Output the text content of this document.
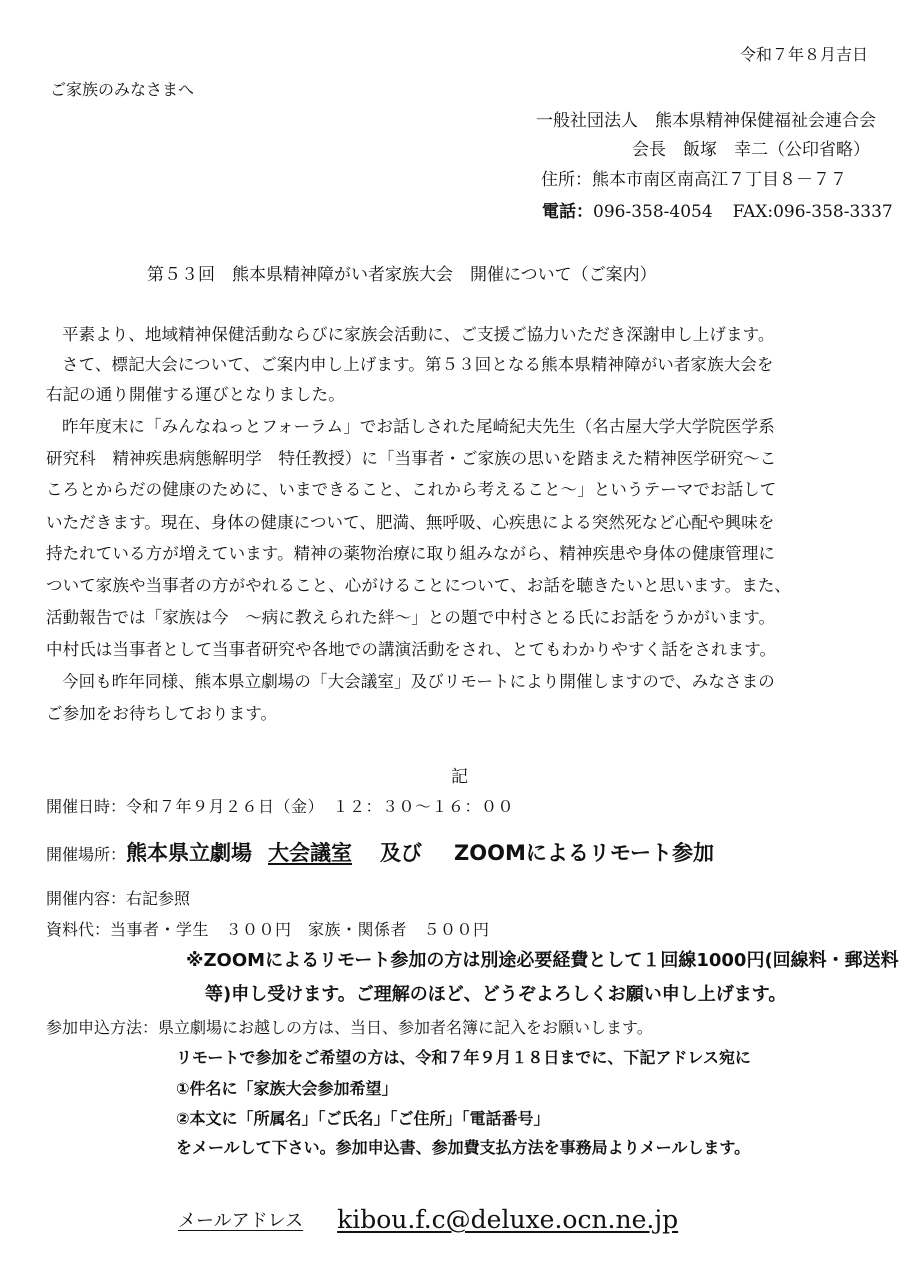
令和７年８月吉日
ご家族のみなさまへ
一般社団法人　熊本県精神保健福祉会連合会
会長　飯塚　幸二（公印省略）
住所：熊本市南区南高江７丁目８－７７
電話：096-358-4054 FAX:096-358-3337
第５３回　熊本県精神障がい者家族大会　開催について（ご案内）
平素より、地域精神保健活動ならびに家族会活動に、ご支援ご協力いただき深謝申し上げます。
さて、標記大会について、ご案内申し上げます。第５３回となる熊本県精神障がい者家族大会を
右記の通り開催する運びとなりました。
昨年度末に「みんなねっとフォーラム」でお話しされた尾崎紀夫先生（名古屋大学大学院医学系
研究科　精神疾患病態解明学　特任教授）に「当事者・ご家族の思いを踏まえた精神医学研究～こ
ころとからだの健康のために、いまできること、これから考えること～」というテーマでお話して
いただきます。現在、身体の健康について、肥満、無呼吸、心疾患による突然死など心配や興味を
持たれている方が増えています。精神の薬物治療に取り組みながら、精神疾患や身体の健康管理に
ついて家族や当事者の方がやれること、心がけることについて、お話を聴きたいと思います。また、
活動報告では「家族は今　～病に教えられた絆～」との題で中村さとる氏にお話をうかがいます。
中村氏は当事者として当事者研究や各地での講演活動をされ、とてもわかりやすく話をされます。
今回も昨年同様、熊本県立劇場の「大会議室」及びリモートにより開催しますので、みなさまの
ご参加をお待ちしております。
記
開催日時：令和７年９月２６日（金）　１２：３０～１６：００
開催場所：熊本県立劇場 大会議室 及び ZOOMによるリモート参加
開催内容：右記参照
資料代：当事者・学生　３００円　家族・関係者　５００円
※ZOOMによるリモート参加の方は別途必要経費として１回線1000円(回線料・郵送料
等)申し受けます。ご理解のほど、どうぞよろしくお願い申し上げます。
参加申込方法：県立劇場にお越しの方は、当日、参加者名簿に記入をお願いします。
リモートで参加をご希望の方は、令和７年９月１８日までに、下記アドレス宛に
①件名に「家族大会参加希望」
②本文に「所属名」「ご氏名」「ご住所」「電話番号」
をメールして下さい。参加申込書、参加費支払方法を事務局よりメールします。
メールアドレス kibou.f.c@deluxe.ocn.ne.jp
